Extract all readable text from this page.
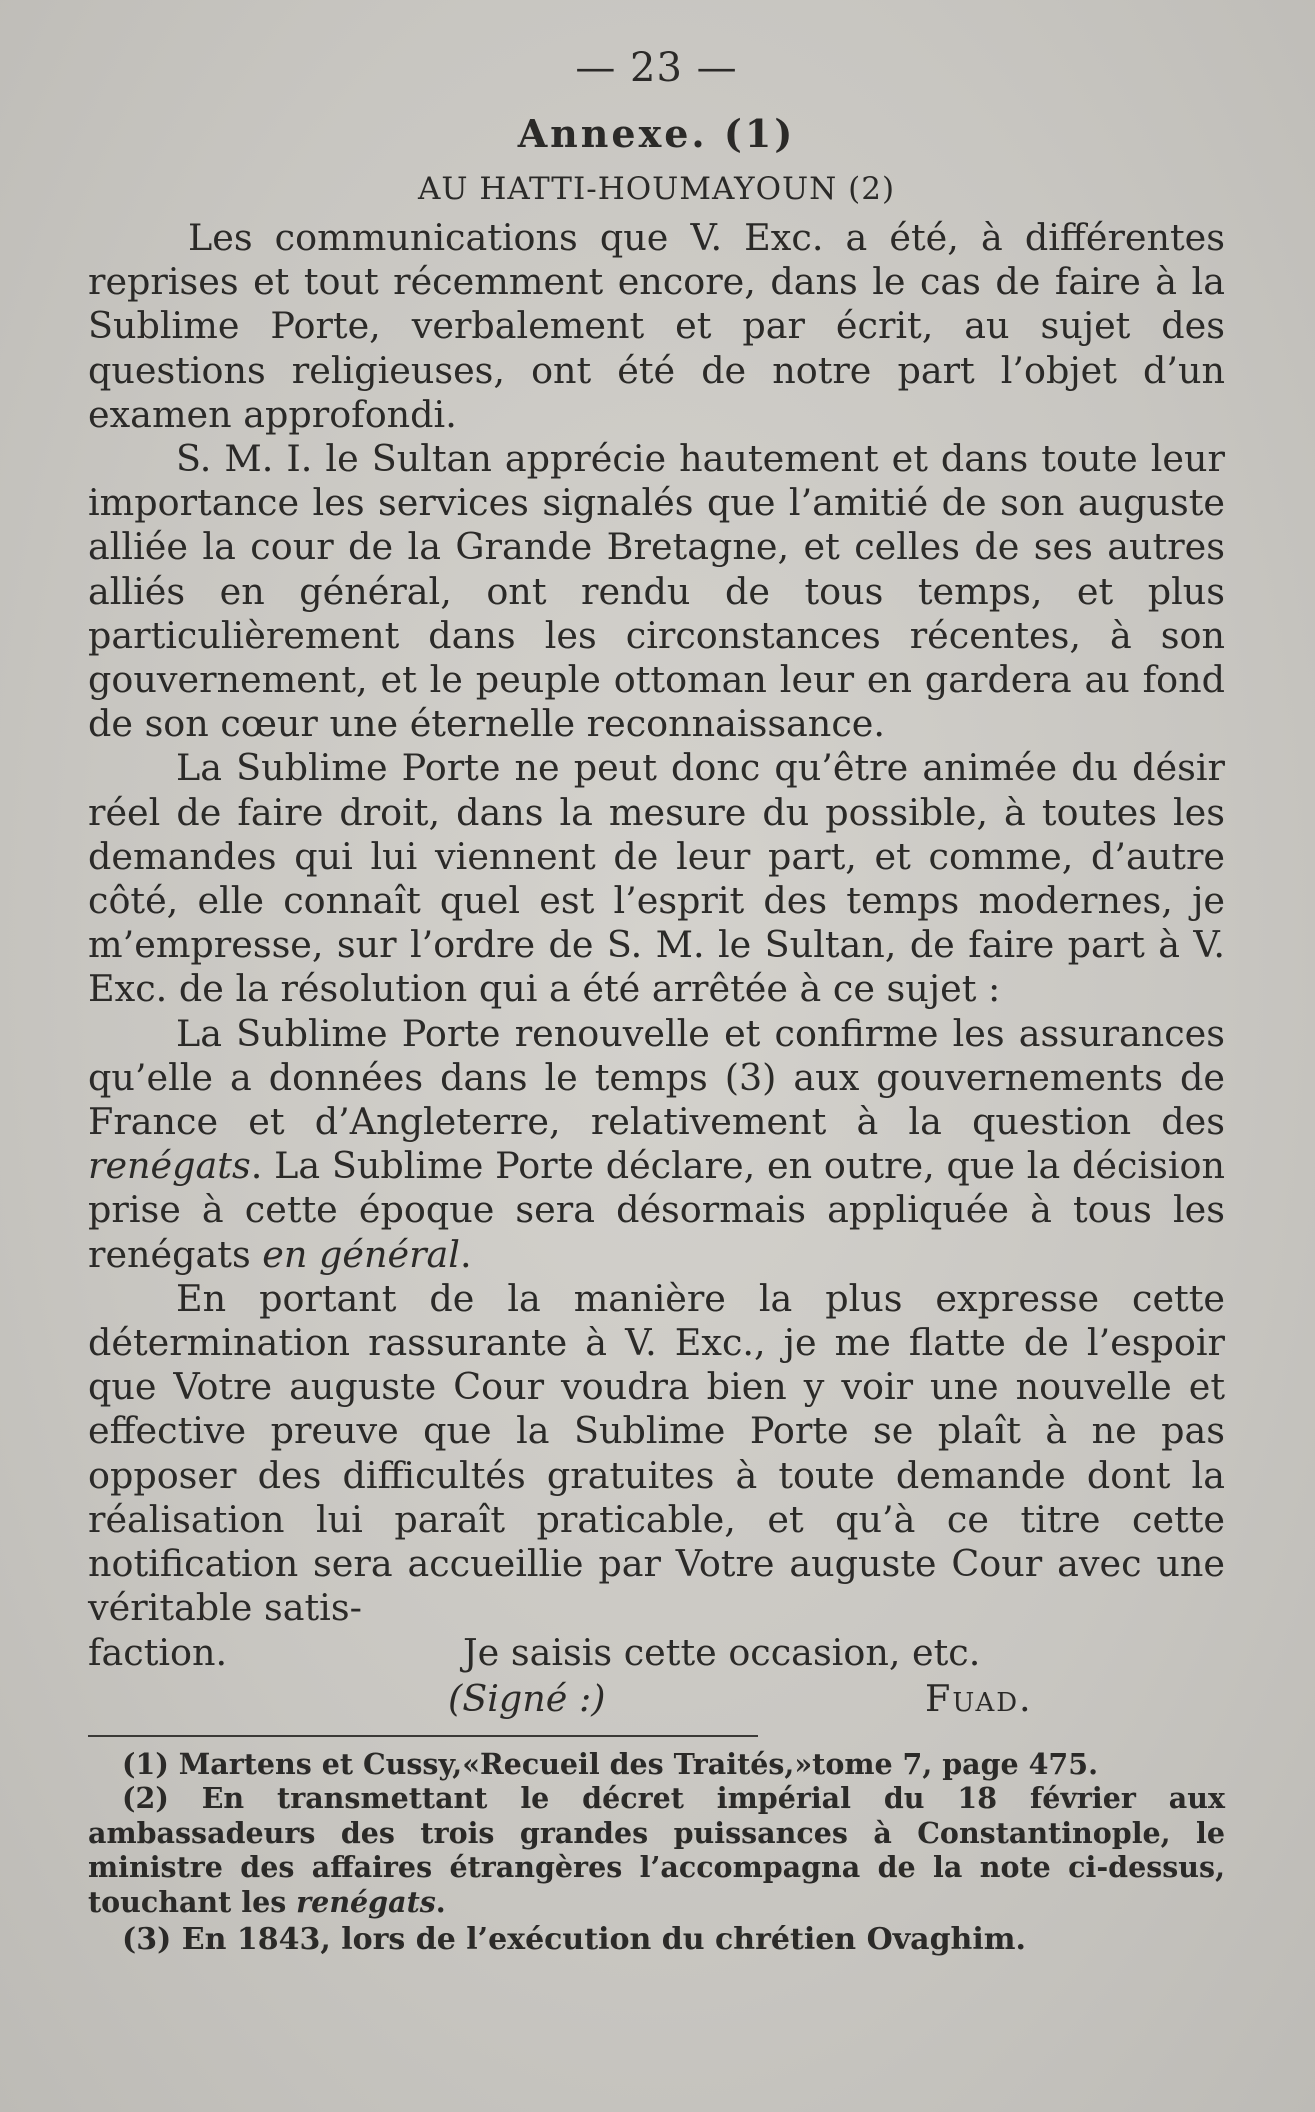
— 23 —
Annexe. (1)
AU HATTI-HOUMAYOUN (2)

Les communications que V. Exc. a été, à différentes reprises et tout récemment encore, dans le cas de faire à la Sublime Porte, verbalement et par écrit, au sujet des questions religieuses, ont été de notre part l’objet d’un examen approfondi.

S. M. I. le Sultan apprécie hautement et dans toute leur importance les services signalés que l’amitié de son auguste alliée la cour de la Grande Bretagne, et celles de ses autres alliés en général, ont rendu de tous temps, et plus particulièrement dans les circonstances récentes, à son gouvernement, et le peuple ottoman leur en gardera au fond de son cœur une éternelle reconnaissance.

La Sublime Porte ne peut donc qu’être animée du désir réel de faire droit, dans la mesure du possible, à toutes les demandes qui lui viennent de leur part, et comme, d’autre côté, elle connaît quel est l’esprit des temps modernes, je m’empresse, sur l’ordre de S. M. le Sultan, de faire part à V. Exc. de la résolution qui a été arrêtée à ce sujet :

La Sublime Porte renouvelle et confirme les assurances qu’elle a données dans le temps (3) aux gouvernements de France et d’Angleterre, relativement à la question des renégats. La Sublime Porte déclare, en outre, que la décision prise à cette époque sera désormais appliquée à tous les renégats en général.

En portant de la manière la plus expresse cette détermination rassurante à V. Exc., je me flatte de l’espoir que Votre auguste Cour voudra bien y voir une nouvelle et effective preuve que la Sublime Porte se plaît à ne pas opposer des difficultés gratuites à toute demande dont la réalisation lui paraît praticable, et qu’à ce titre cette notification sera accueillie par Votre auguste Cour avec une véritable satis-

faction.	Je saisis cette occasion, etc.
(Signé :)	Fuad.

(1) Martens et Cussy,«Recueil des Traités,»tome 7, page 475.

(2) En transmettant le décret impérial du 18 février aux ambassadeurs des trois grandes puissances à Constantinople, le ministre des affaires étrangères l’accompagna de la note ci-dessus, touchant les renégats.

(3) En 1843, lors de l’exécution du chrétien Ovaghim.
